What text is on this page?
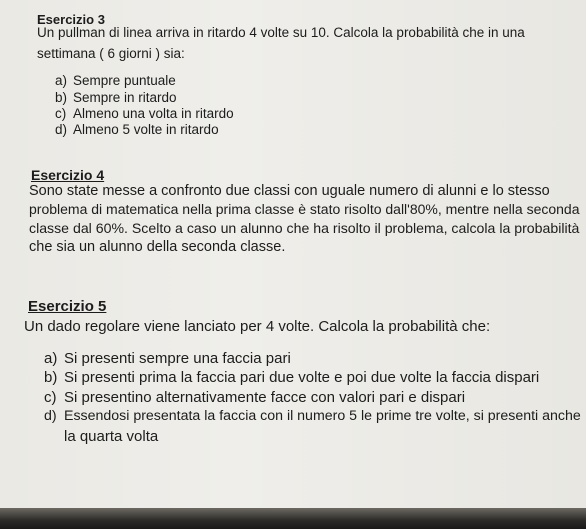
Esercizio 3
Un pullman di linea arriva in ritardo 4 volte su 10. Calcola la probabilità che in una
settimana ( 6 giorni ) sia:
a) Sempre puntuale
b) Sempre in ritardo
c) Almeno una volta in ritardo
d) Almeno 5 volte in ritardo
Esercizio 4
Sono state messe a confronto due classi con uguale numero di alunni e lo stesso
problema di matematica nella prima classe è stato risolto dall'80%, mentre nella seconda
classe dal 60%. Scelto a caso un alunno che ha risolto il problema, calcola la probabilità
che sia un alunno della seconda classe.
Esercizio 5
Un dado regolare viene lanciato per 4 volte. Calcola la probabilità che:
a) Si presenti sempre una faccia pari
b) Si presenti prima la faccia pari due volte e poi due volte la faccia dispari
c) Si presentino alternativamente facce con valori pari e dispari
d) Essendosi presentata la faccia con il numero 5 le prime tre volte, si presenti anche
la quarta volta
